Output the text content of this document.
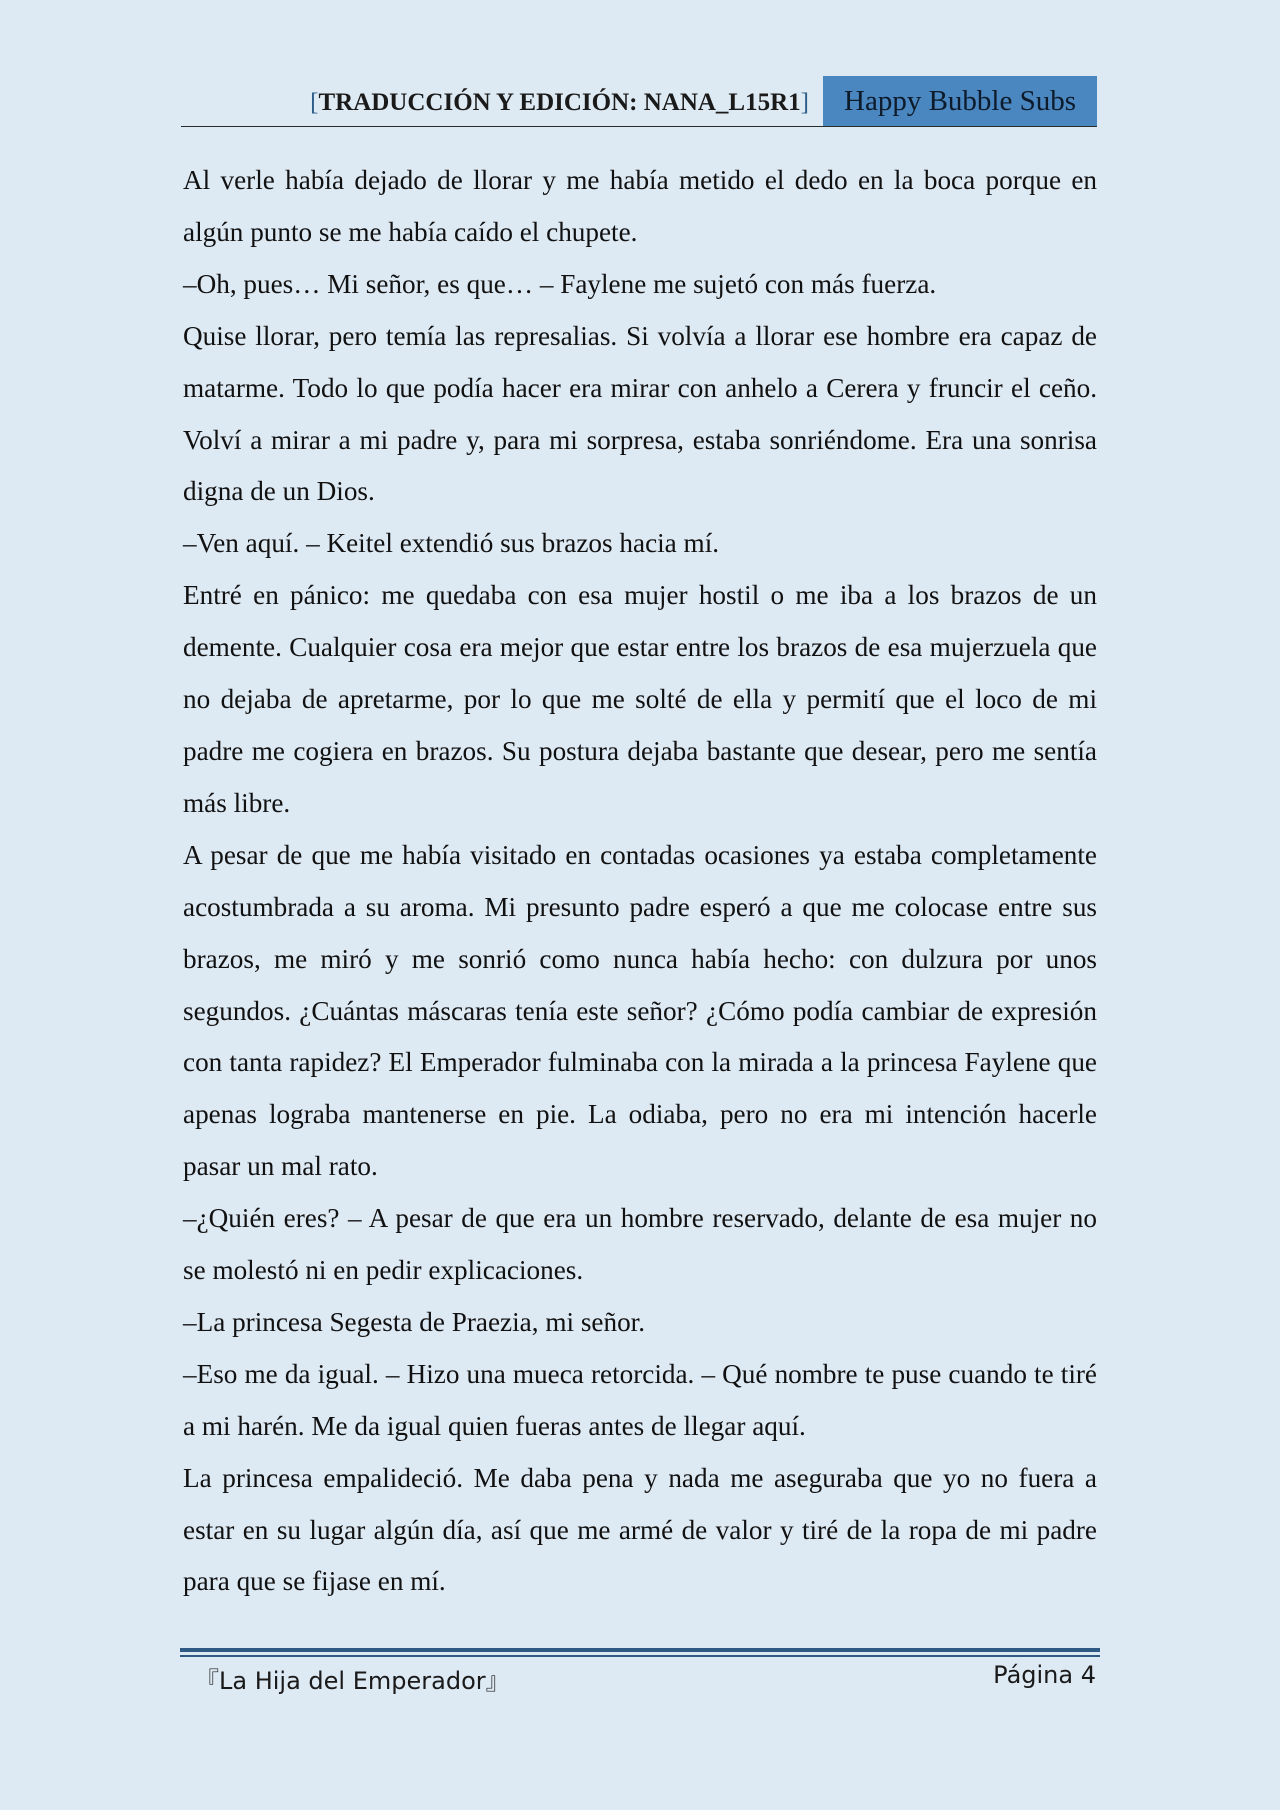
[TRADUCCIÓN Y EDICIÓN: NANA_L15R1]	Happy Bubble Subs

Al verle había dejado de llorar y me había metido el dedo en la boca porque en algún punto se me había caído el chupete.

–Oh, pues… Mi señor, es que… – Faylene me sujetó con más fuerza.

Quise llorar, pero temía las represalias. Si volvía a llorar ese hombre era capaz de matarme. Todo lo que podía hacer era mirar con anhelo a Cerera y fruncir el ceño. Volví a mirar a mi padre y, para mi sorpresa, estaba sonriéndome. Era una sonrisa digna de un Dios.

–Ven aquí. – Keitel extendió sus brazos hacia mí.

Entré en pánico: me quedaba con esa mujer hostil o me iba a los brazos de un demente. Cualquier cosa era mejor que estar entre los brazos de esa mujerzuela que no dejaba de apretarme, por lo que me solté de ella y permití que el loco de mi padre me cogiera en brazos. Su postura dejaba bastante que desear, pero me sentía más libre.

A pesar de que me había visitado en contadas ocasiones ya estaba completamente acostumbrada a su aroma. Mi presunto padre esperó a que me colocase entre sus brazos, me miró y me sonrió como nunca había hecho: con dulzura por unos segundos. ¿Cuántas máscaras tenía este señor? ¿Cómo podía cambiar de expresión con tanta rapidez? El Emperador fulminaba con la mirada a la princesa Faylene que apenas lograba mantenerse en pie. La odiaba, pero no era mi intención hacerle pasar un mal rato.

–¿Quién eres? – A pesar de que era un hombre reservado, delante de esa mujer no se molestó ni en pedir explicaciones.

–La princesa Segesta de Praezia, mi señor.

–Eso me da igual. – Hizo una mueca retorcida. – Qué nombre te puse cuando te tiré a mi harén. Me da igual quien fueras antes de llegar aquí.

La princesa empalideció. Me daba pena y nada me aseguraba que yo no fuera a estar en su lugar algún día, así que me armé de valor y tiré de la ropa de mi padre para que se fijase en mí.

『La Hija del Emperador』	Página 4
